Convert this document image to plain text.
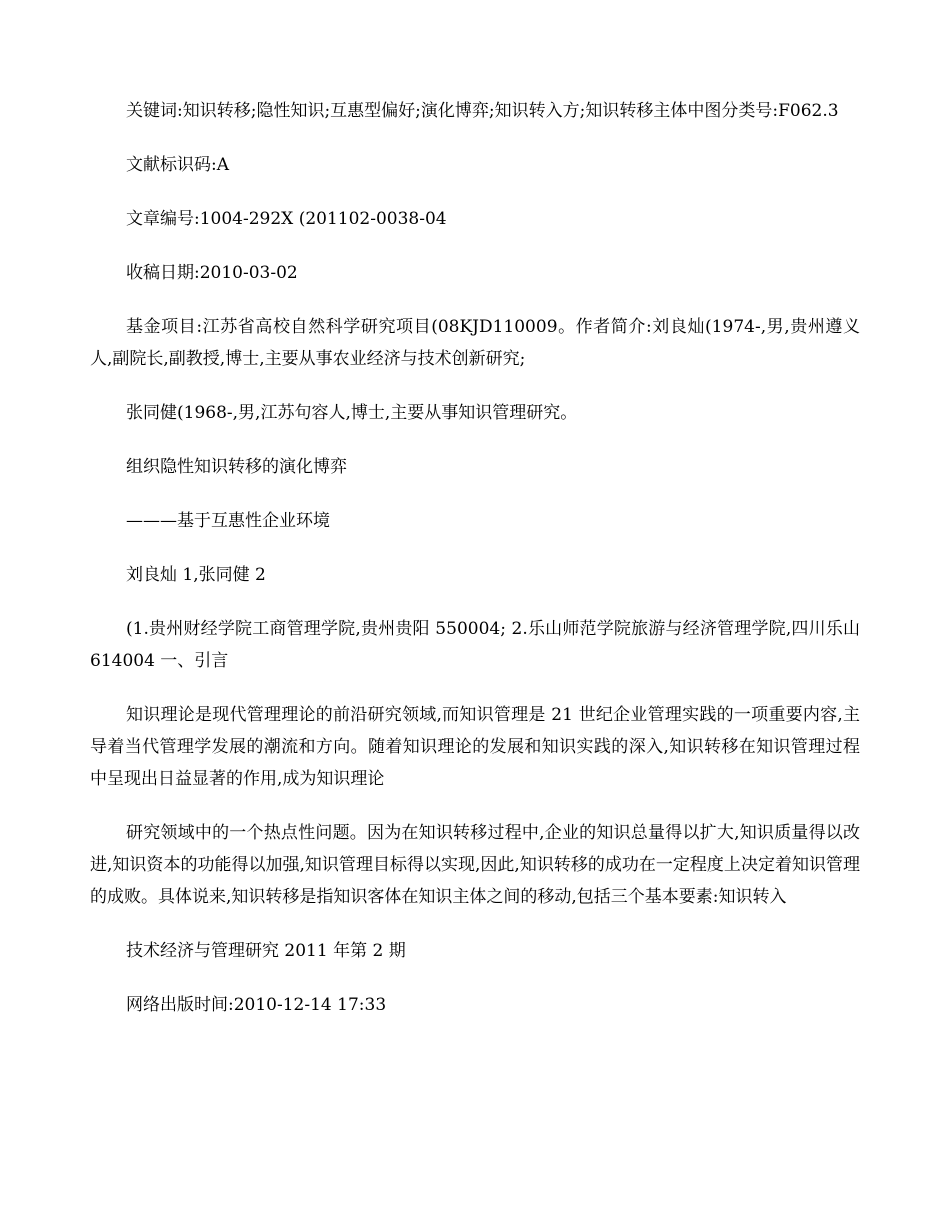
关键词:知识转移;隐性知识;互惠型偏好;演化博弈;知识转入方;知识转移主体中图分类号:F062.3

文献标识码:A

文章编号:1004-292X (201102-0038-04

收稿日期:2010-03-02

基金项目:江苏省高校自然科学研究项目(08KJD110009。作者简介:刘良灿(1974-,男,贵州遵义人,副院长,副教授,博士,主要从事农业经济与技术创新研究;

张同健(1968-,男,江苏句容人,博士,主要从事知识管理研究。

组织隐性知识转移的演化博弈

———基于互惠性企业环境

刘良灿 1,张同健 2

(1.贵州财经学院工商管理学院,贵州贵阳 550004; 2.乐山师范学院旅游与经济管理学院,四川乐山 614004 一、引言

知识理论是现代管理理论的前沿研究领域,而知识管理是 21 世纪企业管理实践的一项重要内容,主导着当代管理学发展的潮流和方向。随着知识理论的发展和知识实践的深入,知识转移在知识管理过程中呈现出日益显著的作用,成为知识理论

研究领域中的一个热点性问题。因为在知识转移过程中,企业的知识总量得以扩大,知识质量得以改进,知识资本的功能得以加强,知识管理目标得以实现,因此,知识转移的成功在一定程度上决定着知识管理的成败。具体说来,知识转移是指知识客体在知识主体之间的移动,包括三个基本要素:知识转入

技术经济与管理研究 2011 年第 2 期

网络出版时间:2010-12-14 17:33
